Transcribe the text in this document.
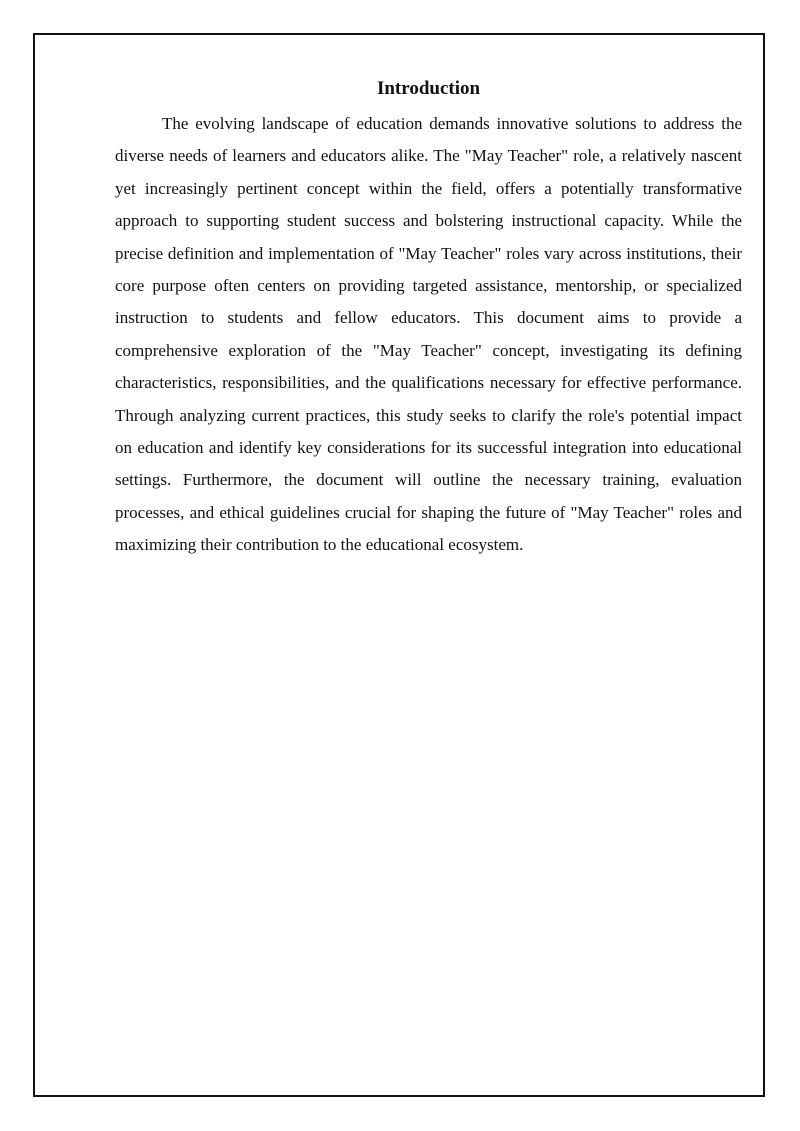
Introduction

The evolving landscape of education demands innovative solutions to address the diverse needs of learners and educators alike. The "May Teacher" role, a relatively nascent yet increasingly pertinent concept within the field, offers a potentially transformative approach to supporting student success and bolstering instructional capacity. While the precise definition and implementation of "May Teacher" roles vary across institutions, their core purpose often centers on providing targeted assistance, mentorship, or specialized instruction to students and fellow educators. This document aims to provide a comprehensive exploration of the "May Teacher" concept, investigating its defining characteristics, responsibilities, and the qualifications necessary for effective performance. Through analyzing current practices, this study seeks to clarify the role's potential impact on education and identify key considerations for its successful integration into educational settings. Furthermore, the document will outline the necessary training, evaluation processes, and ethical guidelines crucial for shaping the future of "May Teacher" roles and maximizing their contribution to the educational ecosystem.
